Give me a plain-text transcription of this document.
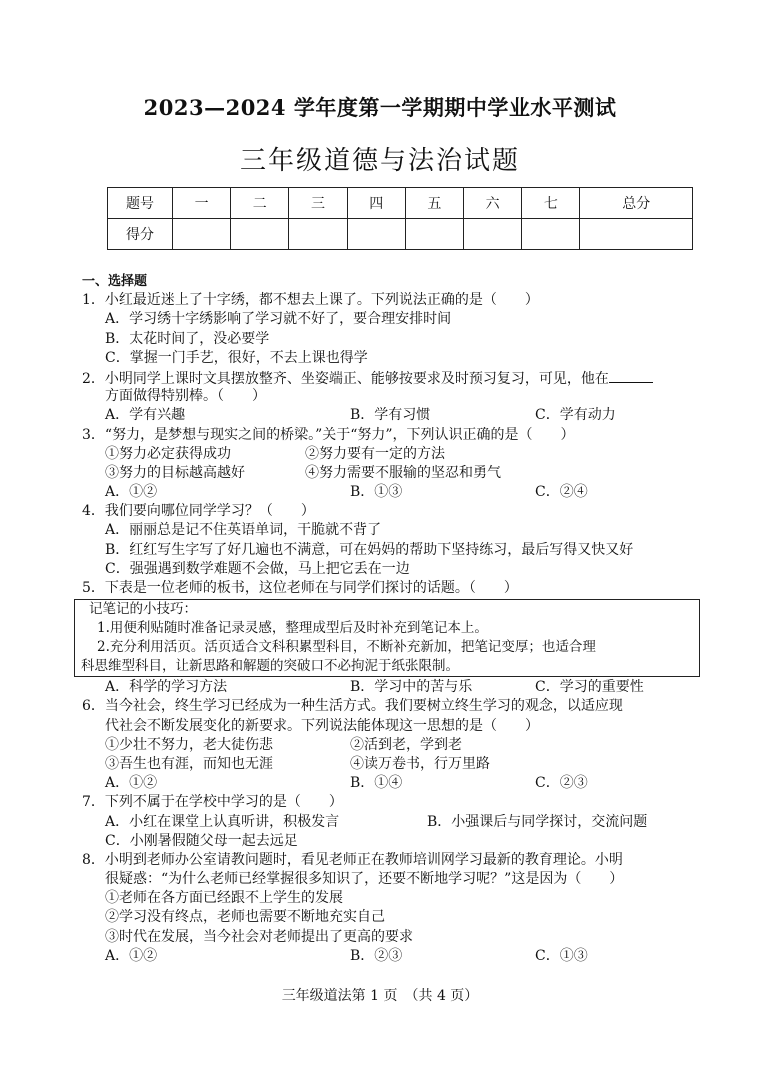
2023—2024 学年度第一学期期中学业水平测试
三年级道德与法治试题
题号	一	二	三	四	五	六	七	总分
得分								
一、选择题
1．小红最近迷上了十字绣，都不想去上课了。下列说法正确的是（　　）
A．学习绣十字绣影响了学习就不好了，要合理安排时间
B．太花时间了，没必要学
C．掌握一门手艺，很好，不去上课也得学
2．小明同学上课时文具摆放整齐、坐姿端正、能够按要求及时预习复习，可见，他在
方面做得特别棒。（　　）
A．学有兴趣	B．学有习惯	C．学有动力
3．“努力，是梦想与现实之间的桥梁。”关于“努力”，下列认识正确的是（　　）
①努力必定获得成功	②努力要有一定的方法
③努力的目标越高越好	④努力需要不服输的坚忍和勇气
A．①②	B．①③	C．②④
4．我们要向哪位同学学习？（　　）
A．丽丽总是记不住英语单词，干脆就不背了
B．红红写生字写了好几遍也不满意，可在妈妈的帮助下坚持练习，最后写得又快又好
C．强强遇到数学难题不会做，马上把它丢在一边
5．下表是一位老师的板书，这位老师在与同学们探讨的话题。（　　）
记笔记的小技巧：
1.用便利贴随时准备记录灵感，整理成型后及时补充到笔记本上。
2.充分利用活页。活页适合文科积累型科目，不断补充新加，把笔记变厚；也适合理
科思维型科目，让新思路和解题的突破口不必拘泥于纸张限制。
A．科学的学习方法	B．学习中的苦与乐	C．学习的重要性
6．当今社会，终生学习已经成为一种生活方式。我们要树立终生学习的观念，以适应现
代社会不断发展变化的新要求。下列说法能体现这一思想的是（　　）
①少壮不努力，老大徒伤悲	②活到老，学到老
③吾生也有涯，而知也无涯	④读万卷书，行万里路
A．①②	B．①④	C．②③
7．下列不属于在学校中学习的是（　　）
A．小红在课堂上认真听讲，积极发言	B．小强课后与同学探讨，交流问题
C．小刚暑假随父母一起去远足
8．小明到老师办公室请教问题时，看见老师正在教师培训网学习最新的教育理论。小明
很疑惑：“为什么老师已经掌握很多知识了，还要不断地学习呢？”这是因为（　　）
①老师在各方面已经跟不上学生的发展
②学习没有终点，老师也需要不断地充实自己
③时代在发展，当今社会对老师提出了更高的要求
A．①②	B．②③	C．①③
三年级道法第 1 页　（共 4 页）
